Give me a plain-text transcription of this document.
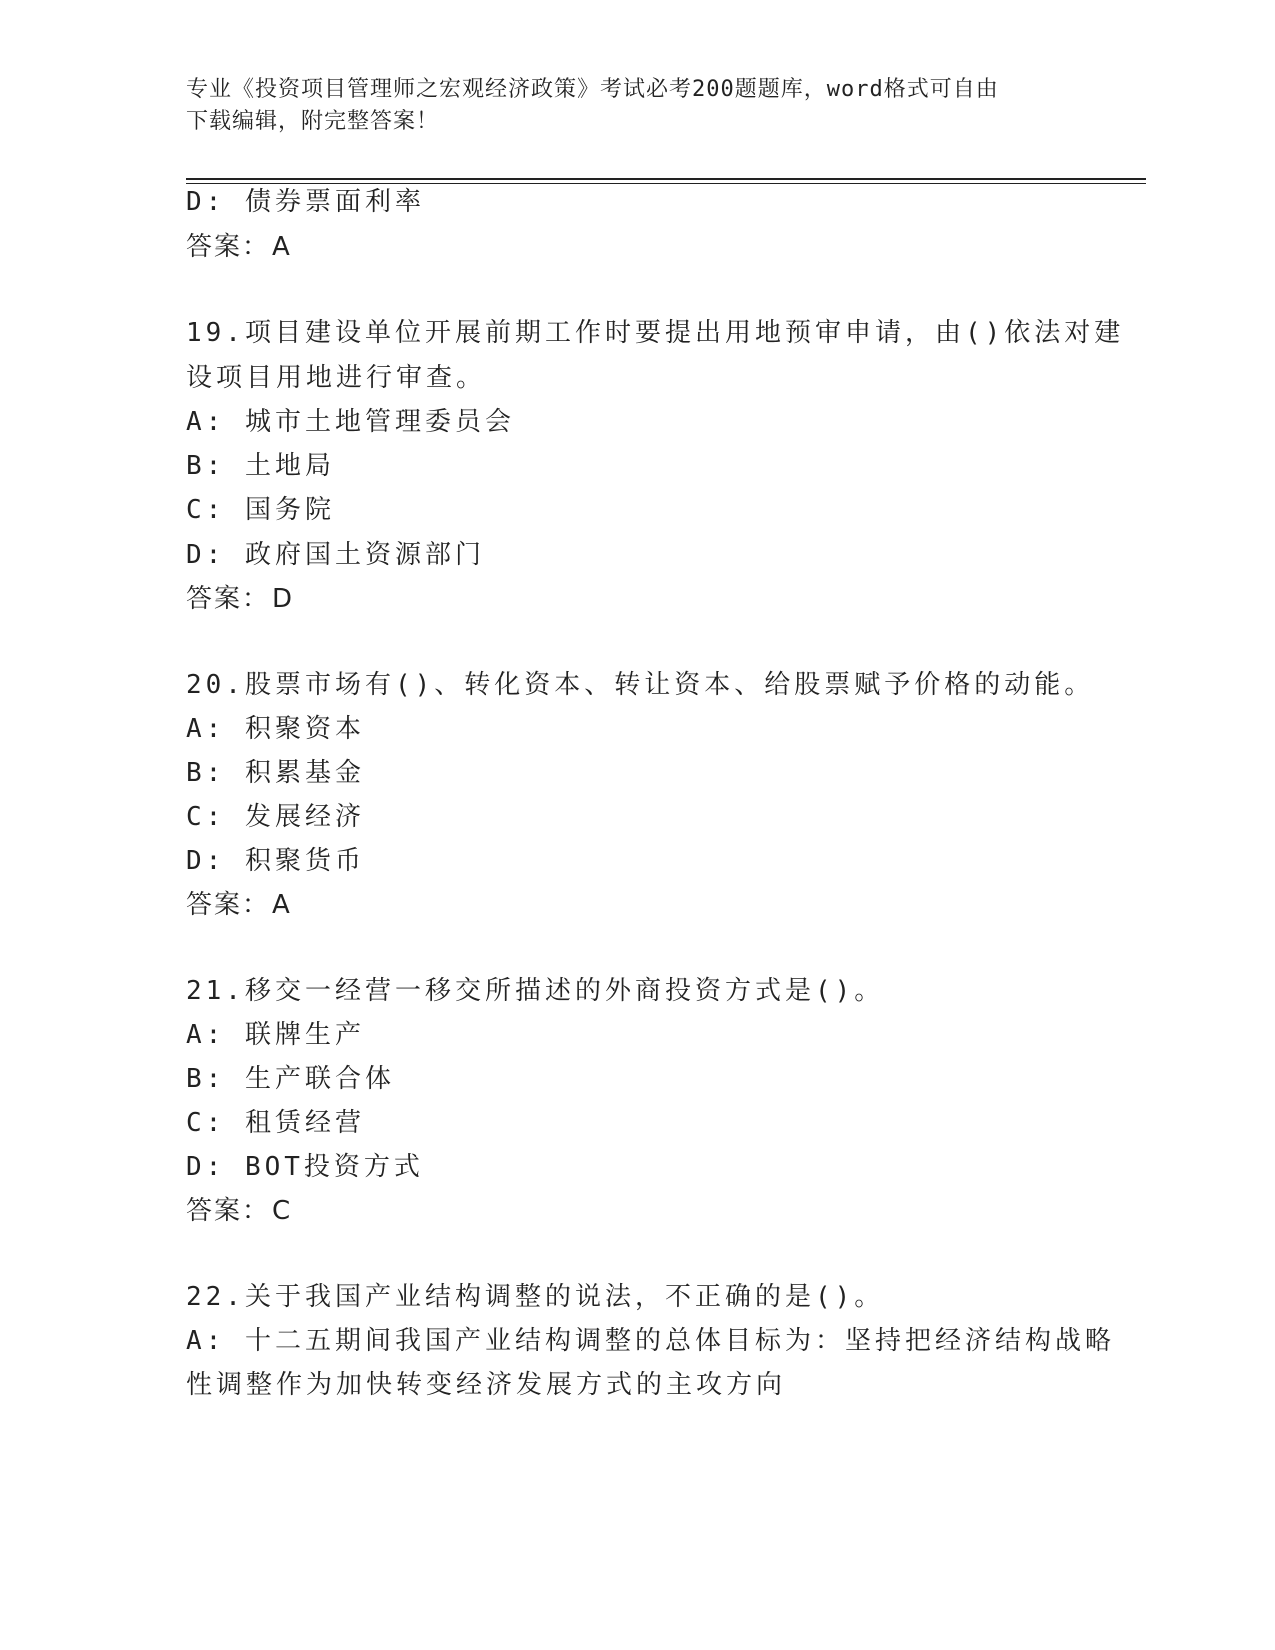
专业《投资项目管理师之宏观经济政策》考试必考200题题库，word格式可自由
下载编辑，附完整答案！
D: 债券票面利率
答案：A
19.项目建设单位开展前期工作时要提出用地预审申请，由()依法对建
设项目用地进行审查。
A: 城市土地管理委员会
B: 土地局
C: 国务院
D: 政府国土资源部门
答案：D
20.股票市场有()、转化资本、转让资本、给股票赋予价格的动能。
A: 积聚资本
B: 积累基金
C: 发展经济
D: 积聚货币
答案：A
21.移交一经营一移交所描述的外商投资方式是()。
A: 联牌生产
B: 生产联合体
C: 租赁经营
D: BOT投资方式
答案：C
22.关于我国产业结构调整的说法，不正确的是()。
A: 十二五期间我国产业结构调整的总体目标为：坚持把经济结构战略
性调整作为加快转变经济发展方式的主攻方向
